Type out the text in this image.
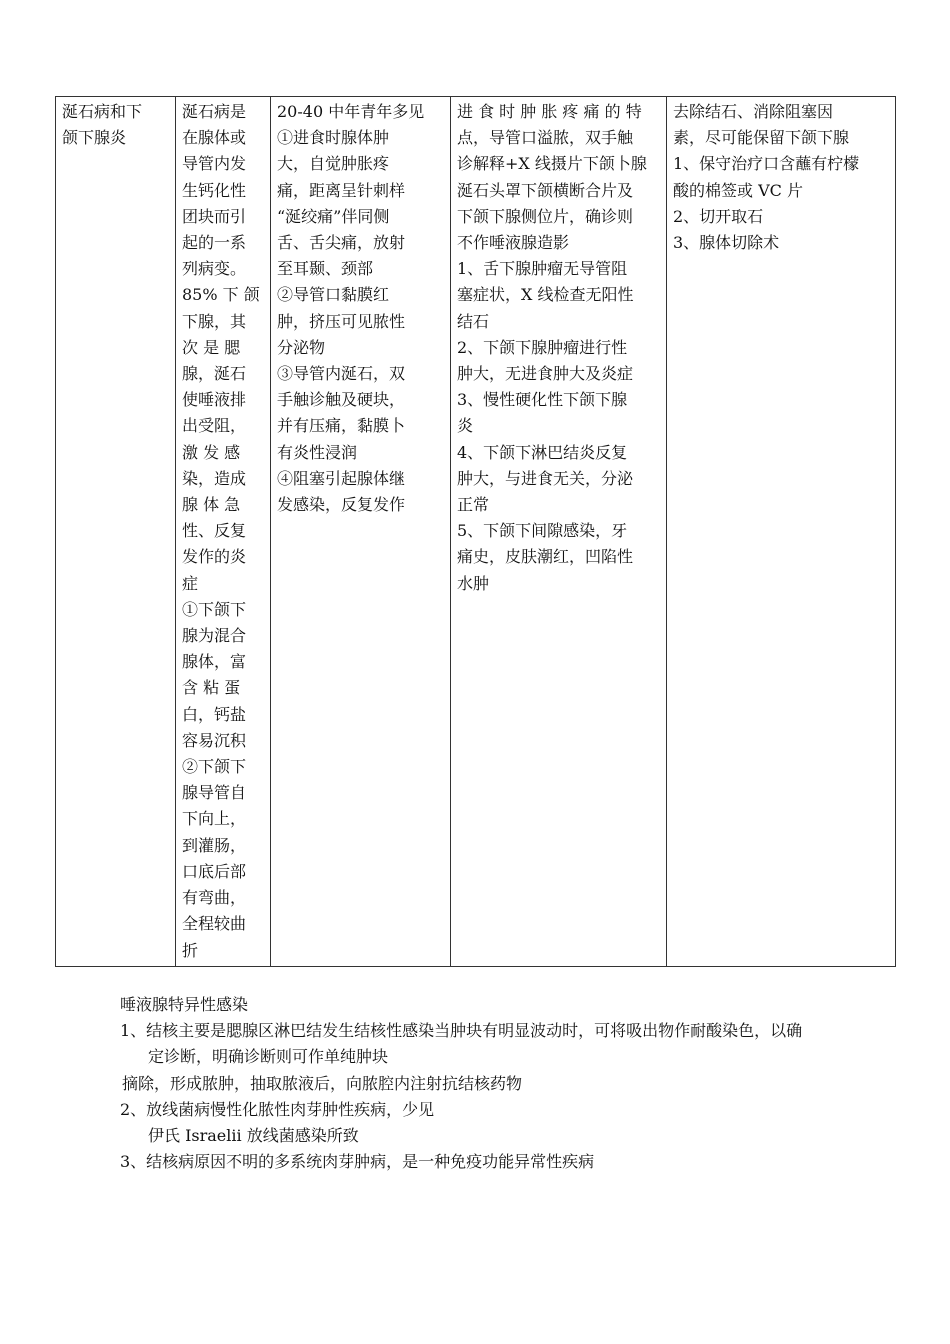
涎石病和下
颌下腺炎

涎石病是
在腺体或
导管内发
生钙化性
团块而引
起的一系
列病变。
85% 下 颌
下腺，其
次 是 腮
腺，涎石
使唾液排
出受阻，
激 发 感
染，造成
腺 体 急
性、反复
发作的炎
症
①下颌下
腺为混合
腺体，富
含 粘 蛋
白，钙盐
容易沉积
②下颌下
腺导管自
下向上，
到灌肠，
口底后部
有弯曲，
全程较曲
折

20-40 中年青年多见
①进食时腺体肿
大，自觉肿胀疼
痛，距离呈针刺样
“涎绞痛”伴同侧
舌、舌尖痛，放射
至耳颞、颈部
②导管口黏膜红
肿，挤压可见脓性
分泌物
③导管内涎石，双
手触诊触及硬块，
并有压痛，黏膜卜
有炎性浸润
④阻塞引起腺体继
发感染，反复发作

进 食 时 肿 胀 疼 痛 的 特
点，导管口溢脓，双手触
诊解释+X 线摄片下颌卜腺
涎石头罩下颌横断合片及
下颌下腺侧位片，确诊则
不作唾液腺造影
1、舌下腺肿瘤无导管阻
塞症状，X 线检查无阳性
结石
2、下颌下腺肿瘤进行性
肿大，无进食肿大及炎症
3、慢性硬化性下颌下腺
炎
4、下颌下淋巴结炎反复
肿大，与进食无关，分泌
正常
5、下颌下间隙感染，牙
痛史，皮肤潮红，凹陷性
水肿

去除结石、消除阻塞因
素，尽可能保留下颌下腺
1、保守治疗口含蘸有柠檬
酸的棉签或 VC 片
2、切开取石
3、腺体切除术
唾液腺特异性感染
1、结核主要是腮腺区淋巴结发生结核性感染当肿块有明显波动时，可将吸出物作耐酸染色，以确
定诊断，明确诊断则可作单纯肿块
摘除，形成脓肿，抽取脓液后，向脓腔内注射抗结核药物
2、放线菌病慢性化脓性肉芽肿性疾病，少见
伊氏 Israelii 放线菌感染所致
3、结核病原因不明的多系统肉芽肿病，是一种免疫功能异常性疾病
